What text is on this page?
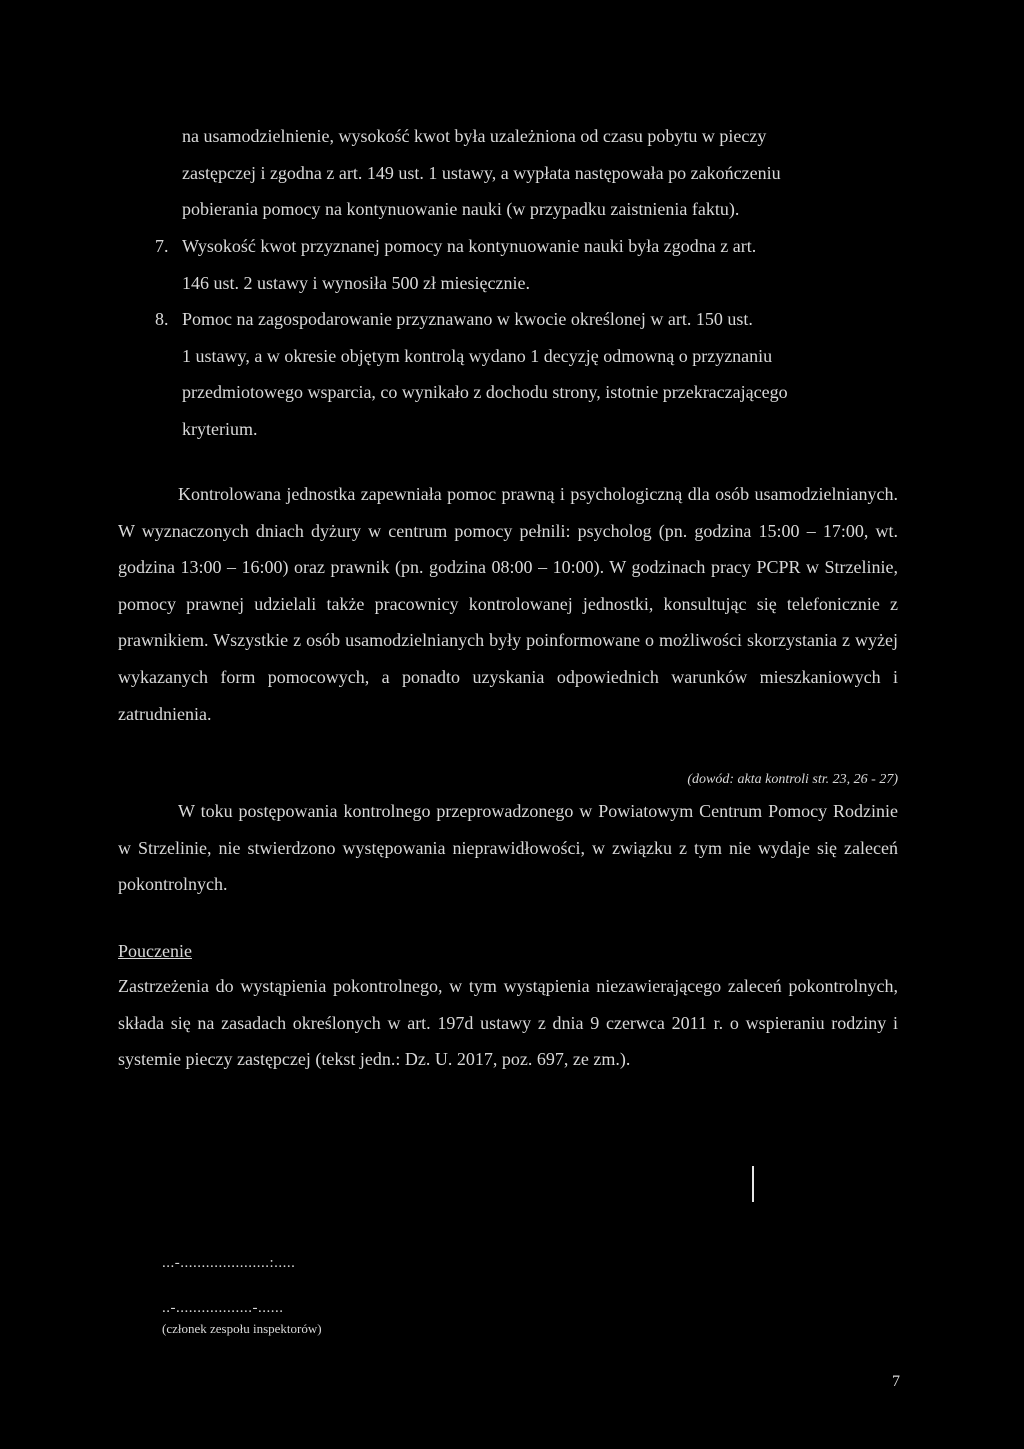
na usamodzielnienie, wysokość kwot była uzależniona od czasu pobytu w pieczy

zastępczej i zgodna z art. 149 ust. 1 ustawy, a wypłata następowała po zakończeniu

pobierania pomocy na kontynuowanie nauki (w przypadku zaistnienia faktu).

7. Wysokość kwot przyznanej pomocy na kontynuowanie nauki była zgodna z art.

146 ust. 2 ustawy i wynosiła 500 zł miesięcznie.

8. Pomoc na zagospodarowanie przyznawano w kwocie określonej w art. 150 ust.

1 ustawy, a w okresie objętym kontrolą wydano 1 decyzję odmowną o przyznaniu

przedmiotowego wsparcia, co wynikało z dochodu strony, istotnie przekraczającego

kryterium.

Kontrolowana jednostka zapewniała pomoc prawną i psychologiczną dla osób usamodzielnianych. W wyznaczonych dniach dyżury w centrum pomocy pełnili: psycholog (pn. godzina 15:00 – 17:00, wt. godzina 13:00 – 16:00) oraz prawnik (pn. godzina 08:00 – 10:00). W godzinach pracy PCPR w Strzelinie, pomocy prawnej udzielali także pracownicy kontrolowanej jednostki, konsultując się telefonicznie z prawnikiem. Wszystkie z osób usamodzielnianych były poinformowane o możliwości skorzystania z wyżej wykazanych form pomocowych, a ponadto uzyskania odpowiednich warunków mieszkaniowych i zatrudnienia.

(dowód: akta kontroli str. 23, 26 - 27)

W toku postępowania kontrolnego przeprowadzonego w Powiatowym Centrum Pomocy Rodzinie w Strzelinie, nie stwierdzono występowania nieprawidłowości, w związku z tym nie wydaje się zaleceń pokontrolnych.

Pouczenie

Zastrzeżenia do wystąpienia pokontrolnego, w tym wystąpienia niezawierającego zaleceń pokontrolnych, składa się na zasadach określonych w art. 197d ustawy z dnia 9 czerwca 2011 r. o wspieraniu rodziny i systemie pieczy zastępczej (tekst jedn.: Dz. U. 2017, poz. 697, ze zm.).

...-.....................:.....
..-..................-......
(członek zespołu inspektorów)
7
